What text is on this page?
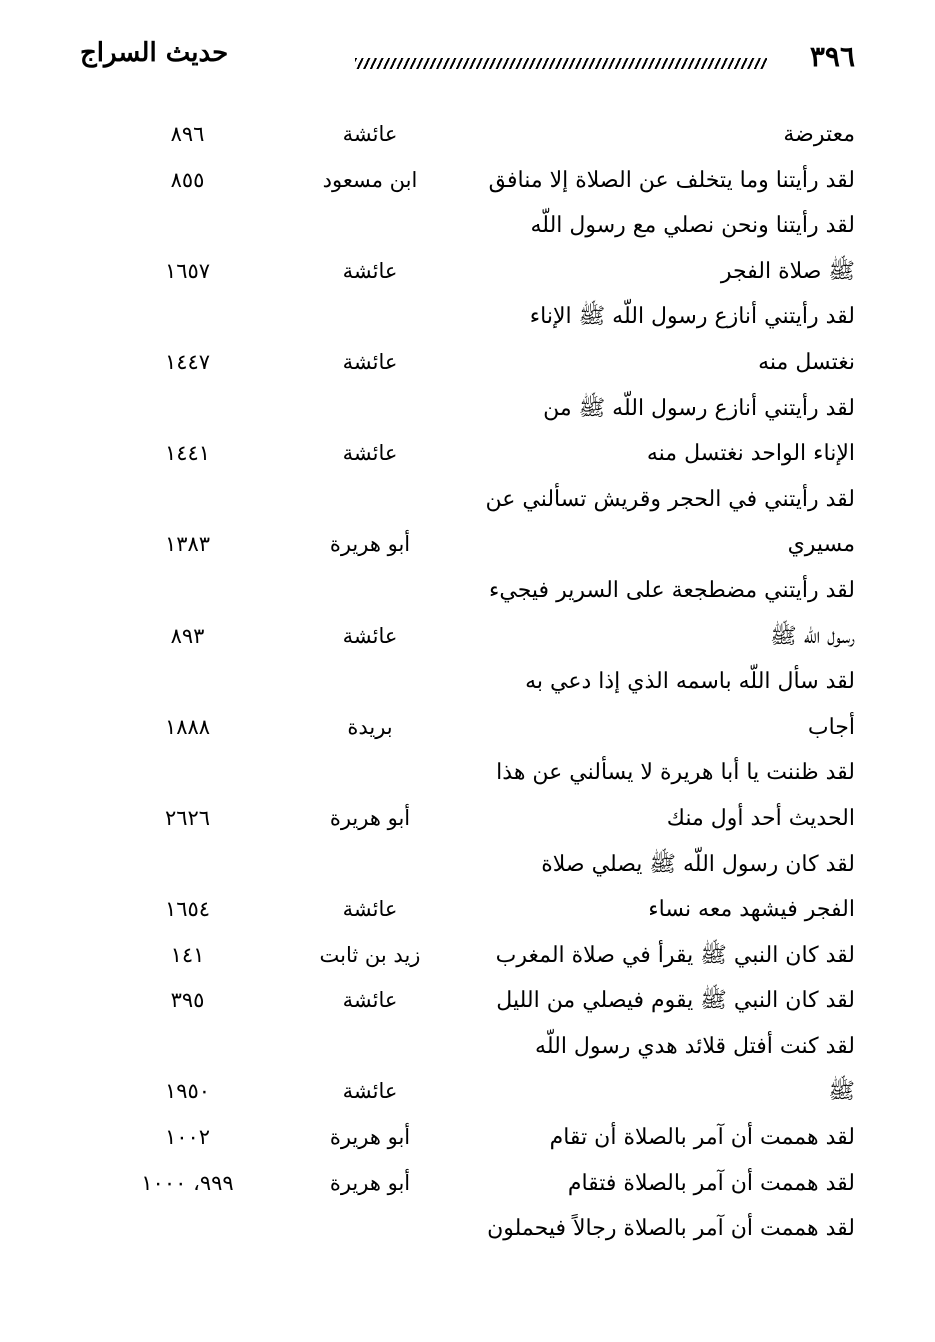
٣٩٦
حديث السراج
معترضة
عائشة
٨٩٦
لقد رأيتنا وما يتخلف عن الصلاة إلا منافق
ابن مسعود
٨٥٥
لقد رأيتنا ونحن نصلي مع رسول اللّه
ﷺ صلاة الفجر
عائشة
١٦٥٧
لقد رأيتني أنازع رسول اللّه ﷺ الإناء
نغتسل منه
عائشة
١٤٤٧
لقد رأيتني أنازع رسول اللّه ﷺ من
الإناء الواحد نغتسل منه
عائشة
١٤٤١
لقد رأيتني في الحجر وقريش تسألني عن
مسيري
أبو هريرة
١٣٨٣
لقد رأيتني مضطجعة على السرير فيجيء
رسول اللّه ﷺ
عائشة
٨٩٣
لقد سأل اللّه باسمه الذي إذا دعي به
أجاب
بريدة
١٨٨٨
لقد ظننت يا أبا هريرة لا يسألني عن هذا
الحديث أحد أول منك
أبو هريرة
٢٦٢٦
لقد كان رسول اللّه ﷺ يصلي صلاة
الفجر فيشهد معه نساء
عائشة
١٦٥٤
لقد كان النبي ﷺ يقرأ في صلاة المغرب
زيد بن ثابت
١٤١
لقد كان النبي ﷺ يقوم فيصلي من الليل
عائشة
٣٩٥
لقد كنت أفتل قلائد هدي رسول اللّه
ﷺ
عائشة
١٩٥٠
لقد هممت أن آمر بالصلاة أن تقام
أبو هريرة
١٠٠٢
لقد هممت أن آمر بالصلاة فتقام
أبو هريرة
٩٩٩، ١٠٠٠
لقد هممت أن آمر بالصلاة رجالاً فيحملون
